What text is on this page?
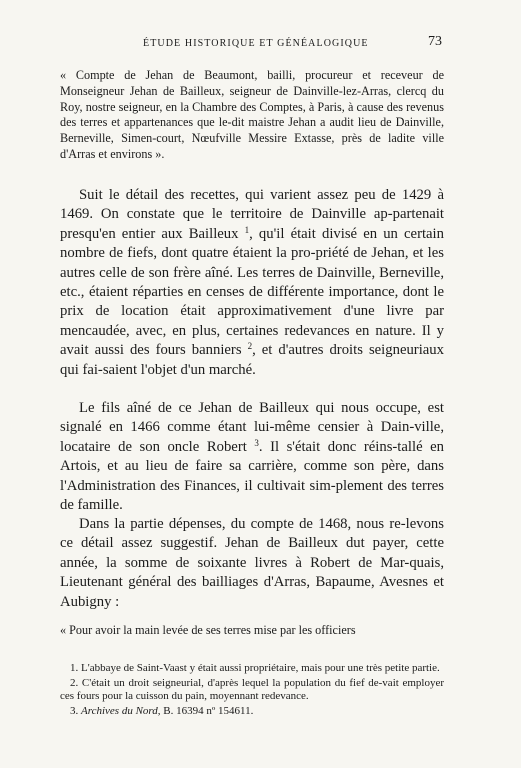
ÉTUDE HISTORIQUE ET GÉNÉALOGIQUE	73
« Compte de Jehan de Beaumont, bailli, procureur et receveur de Monseigneur Jehan de Bailleux, seigneur de Dainville-lez-Arras, clercq du Roy, nostre seigneur, en la Chambre des Comptes, à Paris, à cause des revenus des terres et appartenances que le-dit maistre Jehan a audit lieu de Dainville, Berneville, Simen-court, Nœufville Messire Extasse, près de ladite ville d'Arras et environs ».

Suit le détail des recettes, qui varient assez peu de 1429 à 1469. On constate que le territoire de Dainville ap-partenait presqu'en entier aux Bailleux $^1$, qu'il était divisé en un certain nombre de fiefs, dont quatre étaient la pro-priété de Jehan, et les autres celle de son frère aîné. Les terres de Dainville, Berneville, etc., étaient réparties en censes de différente importance, dont le prix de location était approximativement d'une livre par mencaudée, avec, en plus, certaines redevances en nature. Il y avait aussi des fours banniers $^2$, et d'autres droits seigneuriaux qui fai-saient l'objet d'un marché.

Le fils aîné de ce Jehan de Bailleux qui nous occupe, est signalé en 1466 comme étant lui-même censier à Dain-ville, locataire de son oncle Robert $^3$. Il s'était donc réins-tallé en Artois, et au lieu de faire sa carrière, comme son père, dans l'Administration des Finances, il cultivait sim-plement des terres de famille.

Dans la partie dépenses, du compte de 1468, nous re-levons ce détail assez suggestif. Jehan de Bailleux dut payer, cette année, la somme de soixante livres à Robert de Mar-quais, Lieutenant général des bailliages d'Arras, Bapaume, Avesnes et Aubigny :

« Pour avoir la main levée de ses terres mise par les officiers

1. L'abbaye de Saint-Vaast y était aussi propriétaire, mais pour une très petite partie.

2. C'était un droit seigneurial, d'après lequel la population du fief de-vait employer ces fours pour la cuisson du pain, moyennant redevance.

3. Archives du Nord, B. 16394 nº 154611.
